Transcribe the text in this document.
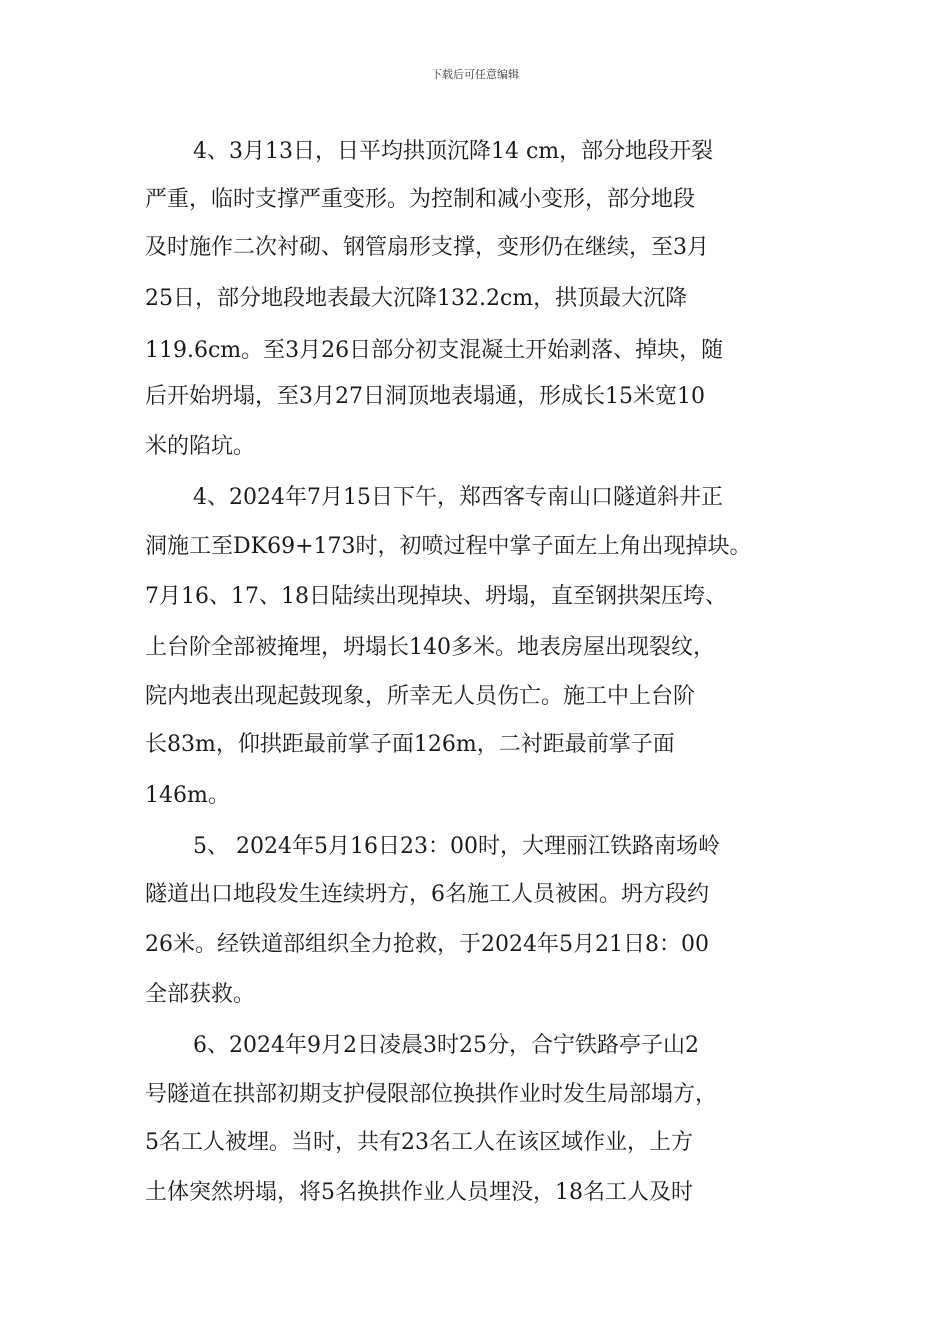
下载后可任意编辑
4、3月13日，日平均拱顶沉降14 cm，部分地段开裂
严重，临时支撑严重变形。为控制和减小变形，部分地段
及时施作二次衬砌、钢管扇形支撑，变形仍在继续，至3月
25日，部分地段地表最大沉降132.2cm，拱顶最大沉降
119.6cm。至3月26日部分初支混凝土开始剥落、掉块，随
后开始坍塌，至3月27日洞顶地表塌通，形成长15米宽10
米的陷坑。
4、2024年7月15日下午，郑西客专南山口隧道斜井正
洞施工至DK69+173时，初喷过程中掌子面左上角出现掉块。
7月16、17、18日陆续出现掉块、坍塌，直至钢拱架压垮、
上台阶全部被掩埋，坍塌长140多米。地表房屋出现裂纹，
院内地表出现起鼓现象，所幸无人员伤亡。施工中上台阶
长83m，仰拱距最前掌子面126m，二衬距最前掌子面
146m。
5、 2024年5月16日23：00时，大理丽江铁路南场岭
隧道出口地段发生连续坍方，6名施工人员被困。坍方段约
26米。经铁道部组织全力抢救，于2024年5月21日8：00
全部获救。
6、2024年9月2日凌晨3时25分，合宁铁路亭子山2
号隧道在拱部初期支护侵限部位换拱作业时发生局部塌方，
5名工人被埋。当时，共有23名工人在该区域作业，上方
土体突然坍塌，将5名换拱作业人员埋没，18名工人及时
